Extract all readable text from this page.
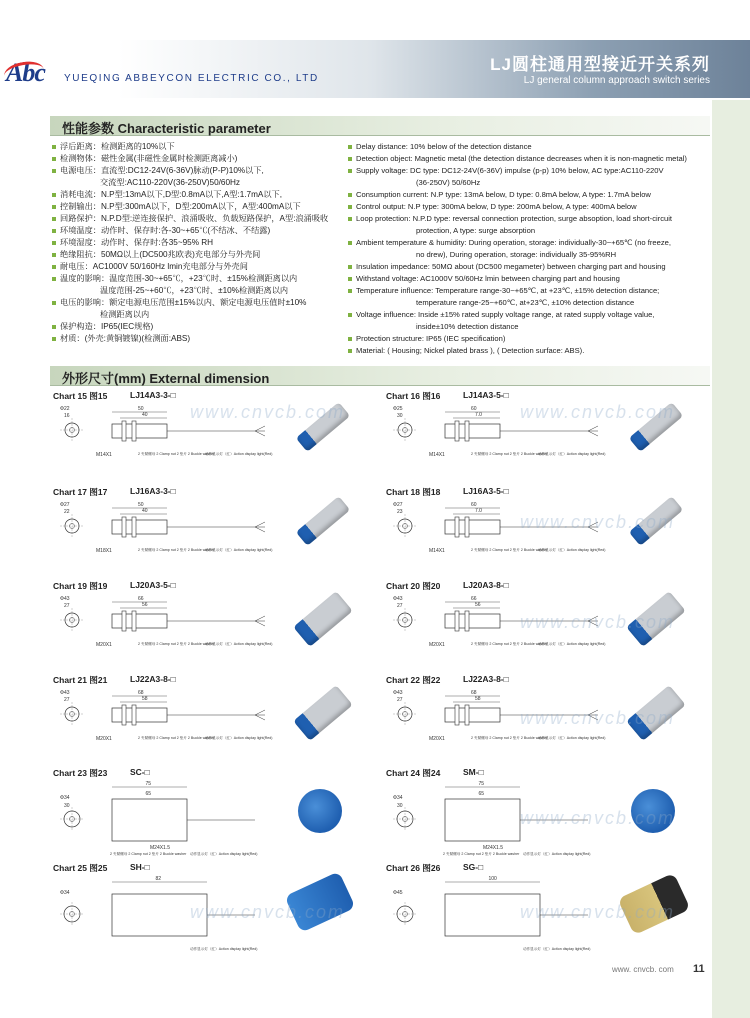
Abc YUEQING ABBEYCON ELECTRIC CO., LTD
LJ圆柱通用型接近开关系列
LJ general column approach switch series
性能参数 Characteristic parameter
浮后距离：检测距离的10%以下
检测物体：磁性金属(非磁性金属时检测距离减小)
电源电压：直流型:DC12-24V(6-36V)脉动(P-P)10%以下,
交流型:AC110-220V(36-250V)50/60Hz
消耗电流：N.P型:13mA以下,D型:0.8mA以下,A型:1.7mA以下,
控制输出：N.P型:300mA以下，D型:200mA以下，A型:400mA以下
回路保护：N.P.D型:逆连接保护、浪涌吸收、负载短路保护，A型:浪涌吸收
环境温度：动作时、保存时:各-30~+65℃(不结冰、不结露)
环境湿度：动作时、保存时:各35~95% RH
绝缘阻抗：50MΩ以上(DC500兆欧表)充电部分与外壳间
耐电压：AC1000V 50/160Hz lmin充电部分与外壳间
温度的影响：温度范围-30~+65℃，+23℃时、±15%检测距离以内
温度范围-25~+60℃，+23℃时、±10%检测距离以内
电压的影响：额定电源电压范围±15%以内、额定电源电压值时±10%
检测距离以内
保护构造：IP65(IEC规格)
材质：(外壳:黄铜镀镍)(检测面:ABS)
Delay distance: 10% below of the detection distance
Detection object: Magnetic metal (the detection distance decreases when it is non-magnetic metal)
Supply voltage: DC type: DC12-24V(6-36V) impulse (p-p) 10% below, AC type:AC110-220V
(36-250V) 50/60Hz
Consumption current: N.P type: 13mA below, D type: 0.8mA below, A type: 1.7mA below
Control output: N.P type: 300mA below, D type: 200mA below, A type: 400mA below
Loop protection: N.P.D type: reversal connection protection, surge absoption, load short-circuit
protection, A type: surge absorption
Ambient temperature & humidity: During operation, storage: individually-30~+65℃ (no freeze,
no drew), During operation, storage: individually 35-95%RH
Insulation impedance: 50MΩ about (DC500 megameter) between charging part and housing
Withstand voltage: AC1000V 50/60Hz lmin between charging part and housing
Temperature influence: Temperature range-30~+65℃, at +23℃, ±15% detection distance;
temperature range-25~+60℃, at+23℃, ±10% detection distance
Voltage influence: Inside ±15% rated supply voltage range, at rated supply voltage value,
inside±10% detection distance
Protection structure: IP65 (IEC specification)
Material: ( Housing; Nickel plated brass ), ( Detection surface: ABS).
外形尺寸(mm) External dimension
Chart 15 图15	LJ14A3-3-□
Φ22
16
50
40
M14X1	2 夹紧螺母 2 Clamp nut 2 垫片 2 Buckle washer
动作显示灯（红）Action display light(Red)
Chart 16 图16	LJ14A3-5-□
Φ25
30
60
7.0
M14X1	2 夹紧螺母 2 Clamp nut 2 垫片 2 Buckle washer
动作显示灯（红）Action display light(Red)
Chart 17 图17	LJ16A3-3-□
Φ27
22
50
40
M18X1	2 夹紧螺母 2 Clamp nut 2 垫片 2 Buckle washer
动作显示灯（红）Action display light(Red)
Chart 18 图18	LJ16A3-5-□
Φ27
23
60
7.0
M14X1	2 夹紧螺母 2 Clamp nut 2 垫片 2 Buckle washer
动作显示灯（红）Action display light(Red)
Chart 19 图19	LJ20A3-5-□
Φ43
27
66
56
M20X1	2 夹紧螺母 2 Clamp nut 2 垫片 2 Buckle washer
动作显示灯（红）Action display light(Red)
Chart 20 图20	LJ20A3-8-□
Φ43
27
66
56
M20X1	2 夹紧螺母 2 Clamp nut 2 垫片 2 Buckle washer
动作显示灯（红）Action display light(Red)
Chart 21 图21	LJ22A3-8-□
Φ43
27
68
58
M20X1	2 夹紧螺母 2 Clamp nut 2 垫片 2 Buckle washer
动作显示灯（红）Action display light(Red)
Chart 22 图22	LJ22A3-8-□
Φ43
27
68
58
M20X1	2 夹紧螺母 2 Clamp nut 2 垫片 2 Buckle washer
动作显示灯（红）Action display light(Red)
Chart 23 图23	SC-□
Φ34
30
75
65
M24X1.5
2 夹紧螺母 2 Clamp nut 2 垫片 2 Buckle washer 动作显示灯（红）Action display light(Red)
Chart 24 图24	SM-□
Φ34
30
75
65
M24X1.5
2 夹紧螺母 2 Clamp nut 2 垫片 2 Buckle washer 动作显示灯（红）Action display light(Red)
Chart 25 图25	SH-□
Φ34
82
动作显示灯（红）Action display light(Red)
Chart 26 图26	SG-□
Φ45
100
动作显示灯（红）Action display light(Red)
www. cnvcb. com 11
www.cnvcb.com	www.cnvcb.com
www.cnvcb.com
www.cnvcb.com
www.cnvcb.com
www.cnvcb.com
www.cnvcb.com	www.cnvcb.com
